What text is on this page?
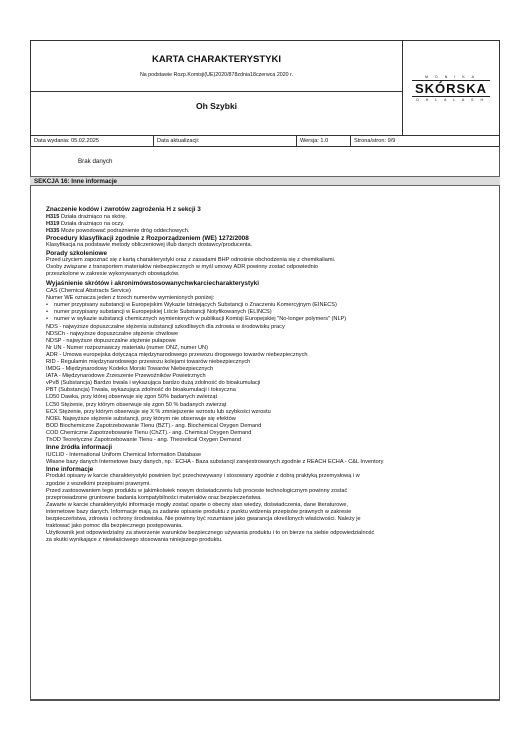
KARTA CHARAKTERYSTYKI
Na podstawie Rozp.Komisji(UE)2020/878zdnia18czerwca 2020 r.
Oh Szybki
M O N I K A
SKÓRSKA
O H L A L A S H
Data wydania: 05.02.2025	Data aktualizacji:	Wersja: 1.0	Strona/stron: 9/9
Brak danych
SEKCJA 16: Inne informacje
Znaczenie kodów i zwrotów zagrożenia H z sekcji 3
H315 Działa drażniąco na skórę.
H319 Działa drażniąco na oczy.
H335 Może powodować podrażnienie dróg oddechowych.
Procedury klasyfikacji zgodnie z Rozporządzeniem (WE) 1272/2008
Klasyfikacja na podstawie metody obliczeniowej i/lub danych dostawcy/producenta.
Porady szkoleniowe
Przed użyciem zapoznać się z kartą charakterystyki oraz z zasadami BHP odnośnie obchodzenia się z chemikaliami.
Osoby związane z transportem materiałów niebezpiecznych w myśl umowy ADR powinny zostać odpowiednio
przeszkolone w zakresie wykonywanych obowiązków.
Wyjaśnienie skrótów i akronimówstosowanychwkarciecharakterystyki
CAS (Chemical Abstracts Service)
Numer WE oznacza jeden z trzech numerów wymienionych poniżej:
• numer przypisany substancji w Europejskim Wykazie Istniejących Substancji o Znaczeniu Komercyjnym (EINECS)
• numer przypisany substancji w Europejskiej Liście Substancji Notyfikowanych (ELINCS)
• numer w wykazie substancji chemicznych wymienionych w publikacji Komisji Europejskiej "No-longer polymers" (NLP)
NDS - najwyższe dopuszczalne stężenia substancji szkodliwych dla zdrowia w środowisku pracy
NDSCh - najwyższe dopuszczalne stężenie chwilowe
NDSP - najwyższe dopuszczalne stężenie pułapowe
Nr UN - Numer rozpoznawczy materiału (numer ONZ, numer UN)
ADR - Umowa europejska dotycząca międzynarodowego przewozu drogowego towarów niebezpiecznych
RID - Regulamin międzynarodowego przewozu kolejami towarów niebezpiecznych
IMDG - Międzynarodowy Kodeks Morski Towarów Niebezpiecznych
IATA - Międzynarodowe Zrzeszenie Przewoźników Powietrznych
vPvB (Substancja) Bardzo trwała i wykazująca bardzo dużą zdolność do bioakumulacji
PBT (Substancja) Trwała, wykazująca zdolność do bioakumulacji i toksyczna
LD50 Dawka, przy której obserwuje się zgon 50% badanych zwierząt
LC50 Stężenie, przy którym obserwuje się zgon 50 % badanych zwierząt
ECX Stężenie, przy którym obserwuje się X % zmniejszenie wzrostu lub szybkości wzrostu
NOEL Najwyższe stężenie substancji, przy którym nie obserwuje się efektów
BOD Biochemiczne Zapotrzebowanie Tlenu (BZT).- ang. Biochemical Oxygen Demand
COD Chemiczne Zapotrzebowanie Tlenu (ChZT).- ang. Chemical Oxygen Demand
ThOD Teoretyczne Zapotrzebowanie Tlenu - ang. Theoretical Oxygen Demand
Inne źródła informacji
IUCLID - International Uniform Chemical Information Database
Własne bazy danych Internetowe bazy danych, np.: ECHA - Baza substancji zarejestrowanych zgodnie z REACH ECHA - C&L Inventory
Inne informacje
Produkt opisany w karcie charakterystyki powinien być przechowywany i stosowany zgodnie z dobrą praktyką przemysłową i w
zgodzie z wszelkimi przepisami prawnymi.
Przed zastosowaniem tego produktu w jakimkolwiek nowym doświadczeniu lub procesie technologicznym powinny zostać
przeprowadzone gruntowne badania kompatybilności materiałów oraz bezpieczeństwa.
Zawarte w karcie charakterystyki informacje mogły zostać oparte o obecny stan wiedzy, doświadczenia, dane literaturowe,
internetowe bazy danych. Informacje mają za zadanie opisanie produktu z punktu widzenia przepisów prawnych w zakresie
bezpieczeństwa, zdrowia i ochrony środowiska. Nie powinny być rozumiane jako gwarancja określonych właściwości. Należy je
traktować jako pomoc dla bezpiecznego postępowania.
Użytkownik jest odpowiedzialny za stworzenie warunków bezpiecznego używania produktu i to on bierze na siebie odpowiedzialność
za skutki wynikające z niewłaściwego stosowania niniejszego produktu.
